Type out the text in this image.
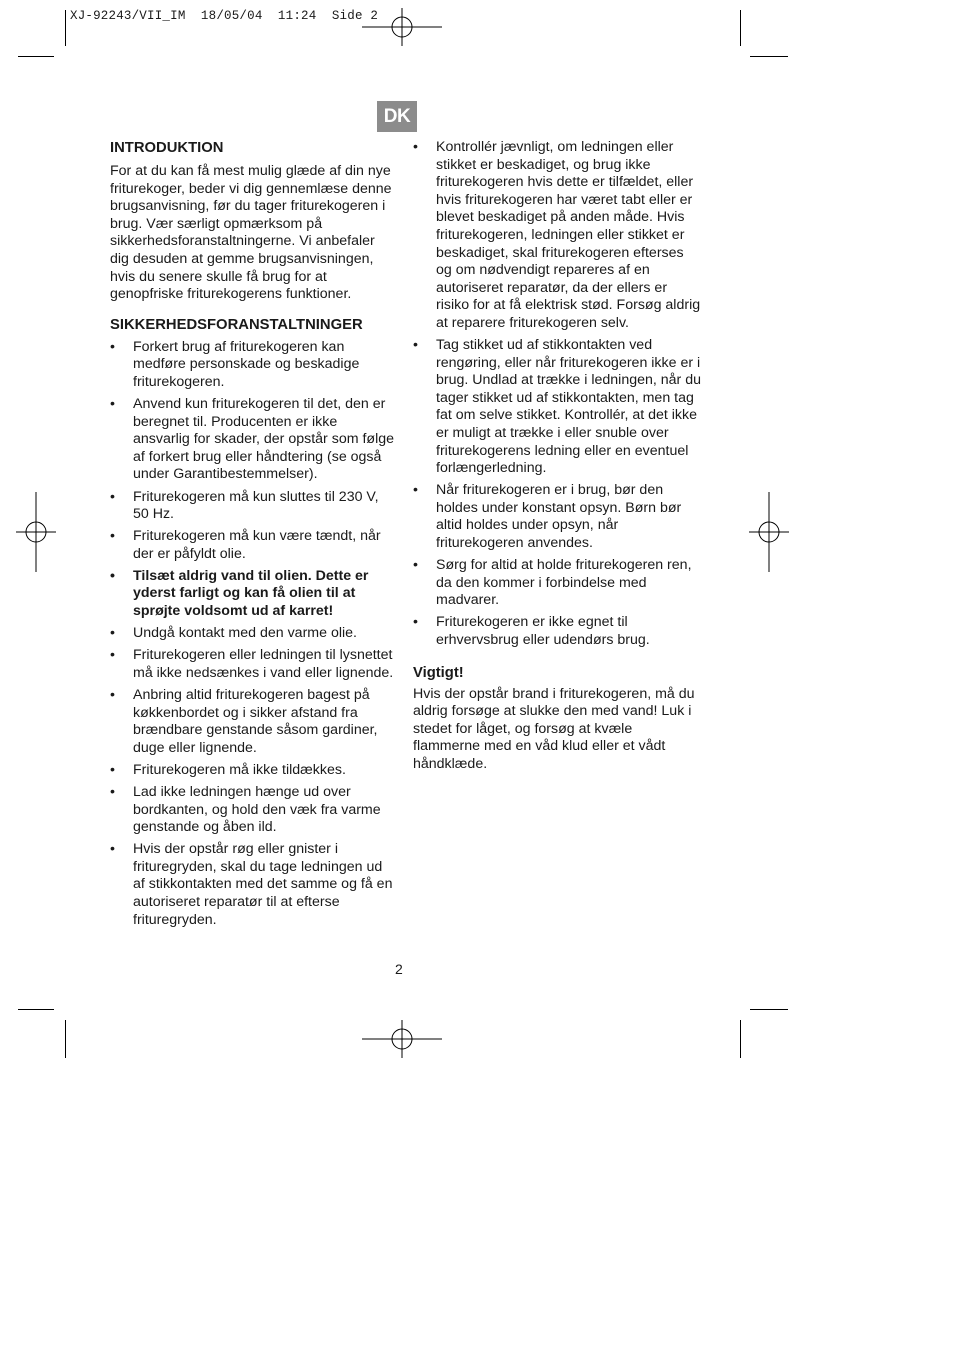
XJ-92243/VII_IM  18/05/04  11:24  Side 2
DK
INTRODUKTION

For at du kan få mest mulig glæde af din nye friturekoger, beder vi dig gennemlæse denne brugsanvisning, før du tager friturekogeren i brug. Vær særligt opmærksom på sikkerhedsforanstaltningerne. Vi anbefaler dig desuden at gemme brugsanvisningen, hvis du senere skulle få brug for at genopfriske friturekogerens funktioner.

SIKKERHEDSFORANSTALTNINGER
• Forkert brug af friturekogeren kan medføre personskade og beskadige friturekogeren.
• Anvend kun friturekogeren til det, den er beregnet til. Producenten er ikke ansvarlig for skader, der opstår som følge af forkert brug eller håndtering (se også under Garantibestemmelser).
• Friturekogeren må kun sluttes til 230 V, 50 Hz.
• Friturekogeren må kun være tændt, når der er påfyldt olie.
• Tilsæt aldrig vand til olien. Dette er yderst farligt og kan få olien til at sprøjte voldsomt ud af karret!
• Undgå kontakt med den varme olie.
• Friturekogeren eller ledningen til lysnettet må ikke nedsænkes i vand eller lignende.
• Anbring altid friturekogeren bagest på køkkenbordet og i sikker afstand fra brændbare genstande såsom gardiner, duge eller lignende.
• Friturekogeren må ikke tildækkes.
• Lad ikke ledningen hænge ud over bordkanten, og hold den væk fra varme genstande og åben ild.
• Hvis der opstår røg eller gnister i frituregryden, skal du tage ledningen ud af stikkontakten med det samme og få en autoriseret reparatør til at efterse frituregryden.
• Kontrollér jævnligt, om ledningen eller stikket er beskadiget, og brug ikke friturekogeren hvis dette er tilfældet, eller hvis friturekogeren har været tabt eller er blevet beskadiget på anden måde. Hvis friturekogeren, ledningen eller stikket er beskadiget, skal friturekogeren efterses og om nødvendigt repareres af en autoriseret reparatør, da der ellers er risiko for at få elektrisk stød. Forsøg aldrig at reparere friturekogeren selv.
• Tag stikket ud af stikkontakten ved rengøring, eller når friturekogeren ikke er i brug. Undlad at trække i ledningen, når du tager stikket ud af stikkontakten, men tag fat om selve stikket. Kontrollér, at det ikke er muligt at trække i eller snuble over friturekogerens ledning eller en eventuel forlængerledning.
• Når friturekogeren er i brug, bør den holdes under konstant opsyn. Børn bør altid holdes under opsyn, når friturekogeren anvendes.
• Sørg for altid at holde friturekogeren ren, da den kommer i forbindelse med madvarer.
• Friturekogeren er ikke egnet til erhvervsbrug eller udendørs brug.
Vigtigt!

Hvis der opstår brand i friturekogeren, må du aldrig forsøge at slukke den med vand! Luk i stedet for låget, og forsøg at kvæle flammerne med en våd klud eller et vådt håndklæde.

2
